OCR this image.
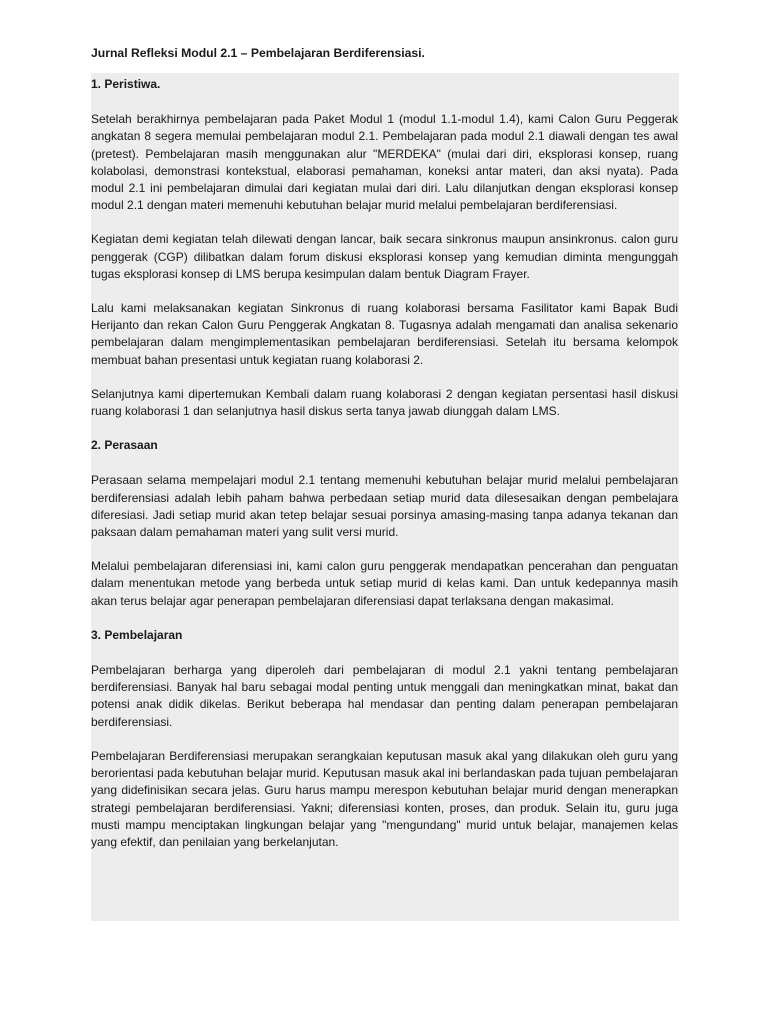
Jurnal Refleksi Modul 2.1 – Pembelajaran Berdiferensiasi.
1. Peristiwa.

Setelah berakhirnya pembelajaran pada Paket Modul 1 (modul 1.1-modul 1.4), kami Calon Guru Peggerak angkatan 8 segera memulai pembelajaran modul 2.1. Pembelajaran pada modul 2.1 diawali dengan tes awal (pretest). Pembelajaran masih menggunakan alur "MERDEKA" (mulai dari diri, eksplorasi konsep, ruang kolabolasi, demonstrasi kontekstual, elaborasi pemahaman, koneksi antar materi, dan aksi nyata). Pada modul 2.1 ini pembelajaran dimulai dari kegiatan mulai dari diri. Lalu dilanjutkan dengan eksplorasi konsep modul 2.1 dengan materi memenuhi kebutuhan belajar murid melalui pembelajaran berdiferensiasi.

Kegiatan demi kegiatan telah dilewati dengan lancar, baik secara sinkronus maupun ansinkronus. calon guru penggerak (CGP) dilibatkan dalam forum diskusi eksplorasi konsep yang kemudian diminta mengunggah tugas eksplorasi konsep di LMS berupa kesimpulan dalam bentuk Diagram Frayer.

Lalu kami melaksanakan kegiatan Sinkronus di ruang kolaborasi bersama Fasilitator kami Bapak Budi Herijanto dan rekan Calon Guru Penggerak Angkatan 8. Tugasnya adalah mengamati dan analisa sekenario pembelajaran dalam mengimplementasikan pembelajaran berdiferensiasi. Setelah itu bersama kelompok membuat bahan presentasi untuk kegiatan ruang kolaborasi 2.

Selanjutnya kami dipertemukan Kembali dalam ruang kolaborasi 2 dengan kegiatan persentasi hasil diskusi ruang kolaborasi 1 dan selanjutnya hasil diskus serta tanya jawab diunggah dalam LMS.

2. Perasaan

Perasaan selama mempelajari modul 2.1 tentang memenuhi kebutuhan belajar murid melalui pembelajaran berdiferensiasi adalah lebih paham bahwa perbedaan setiap murid data dilesesaikan dengan pembelajara diferesiasi. Jadi setiap murid akan tetep belajar sesuai porsinya amasing-masing tanpa adanya tekanan dan paksaan dalam pemahaman materi yang sulit versi murid.

Melalui pembelajaran diferensiasi ini, kami calon guru penggerak mendapatkan pencerahan dan penguatan dalam menentukan metode yang berbeda untuk setiap murid di kelas kami. Dan untuk kedepannya masih akan terus belajar agar penerapan pembelajaran diferensiasi dapat terlaksana dengan makasimal.

3. Pembelajaran

Pembelajaran berharga yang diperoleh dari pembelajaran di modul 2.1 yakni tentang pembelajaran berdiferensiasi. Banyak hal baru sebagai modal penting untuk menggali dan meningkatkan minat, bakat dan potensi anak didik dikelas. Berikut beberapa hal mendasar dan penting dalam penerapan pembelajaran berdiferensiasi.

Pembelajaran Berdiferensiasi merupakan serangkaian keputusan masuk akal yang dilakukan oleh guru yang berorientasi pada kebutuhan belajar murid. Keputusan masuk akal ini berlandaskan pada tujuan pembelajaran yang didefinisikan secara jelas. Guru harus mampu merespon kebutuhan belajar murid dengan menerapkan strategi pembelajaran berdiferensiasi. Yakni; diferensiasi konten, proses, dan produk. Selain itu, guru juga musti mampu menciptakan lingkungan belajar yang "mengundang" murid untuk belajar, manajemen kelas yang efektif, dan penilaian yang berkelanjutan.
